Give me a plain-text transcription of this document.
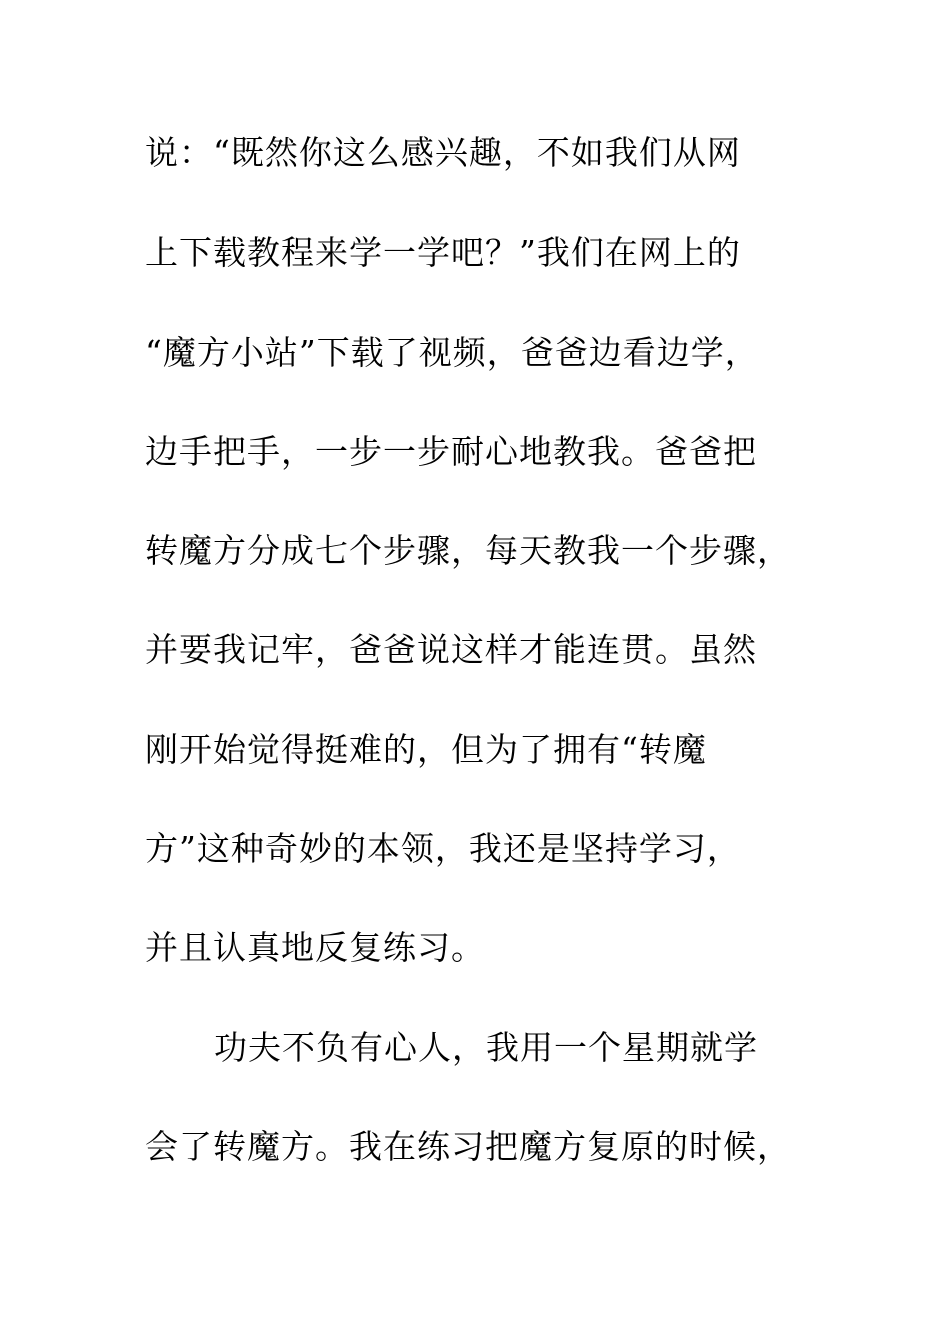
说：“既然你这么感兴趣，不如我们从网
上下载教程来学一学吧？”我们在网上的
“魔方小站”下载了视频，爸爸边看边学，
边手把手，一步一步耐心地教我。爸爸把
转魔方分成七个步骤，每天教我一个步骤，
并要我记牢，爸爸说这样才能连贯。虽然
刚开始觉得挺难的，但为了拥有“转魔
方”这种奇妙的本领，我还是坚持学习，
并且认真地反复练习。
功夫不负有心人，我用一个星期就学
会了转魔方。我在练习把魔方复原的时候，
